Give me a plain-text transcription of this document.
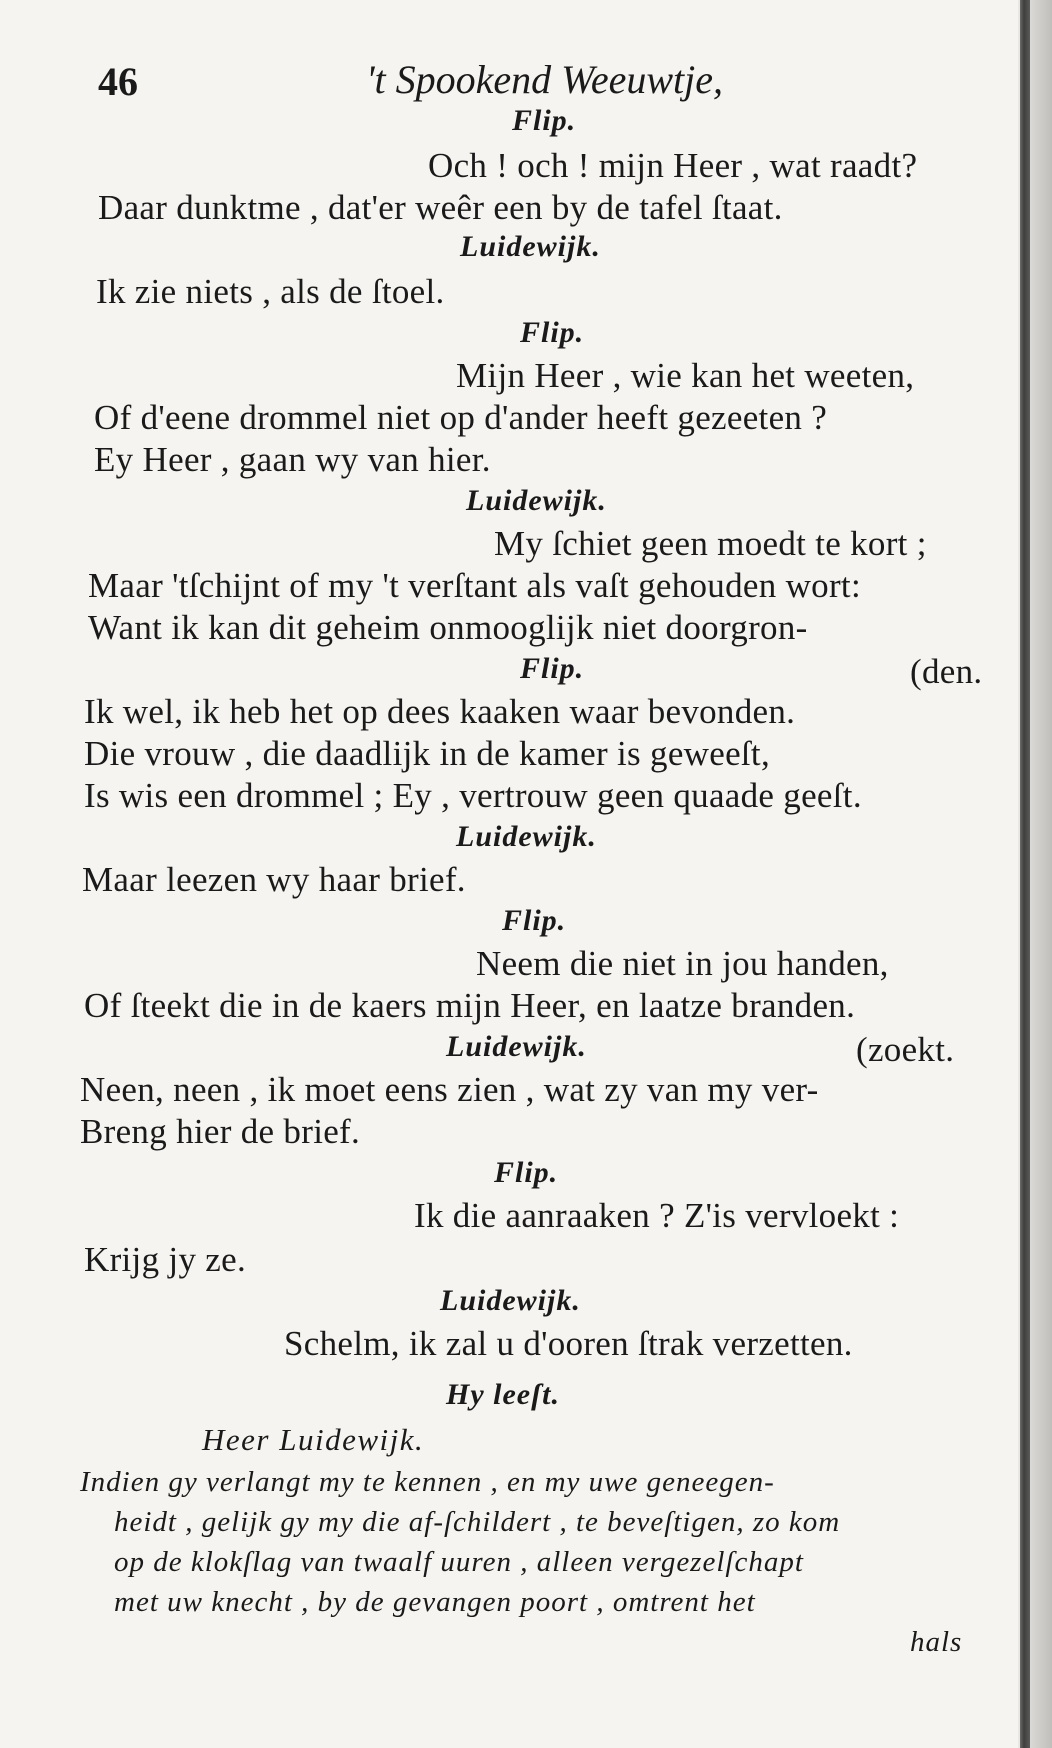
46	't Spookend Weeuwtje,
Flip.
Och ! och ! mijn Heer , wat raadt?
Daar dunktme , dat'er weêr een by de tafel ſtaat.
Luidewijk.
Ik zie niets , als de ſtoel.
Flip.
Mijn Heer , wie kan het weeten,
Of d'eene drommel niet op d'ander heeft gezeeten ?
Ey Heer , gaan wy van hier.
Luidewijk.
My ſchiet geen moedt te kort ;
Maar 'tſchijnt of my 't verſtant als vaſt gehouden wort:
Want ik kan dit geheim onmooglijk niet doorgron-
Flip.	(den.
Ik wel, ik heb het op dees kaaken waar bevonden.
Die vrouw , die daadlijk in de kamer is geweeſt,
Is wis een drommel ; Ey , vertrouw geen quaade geeſt.
Luidewijk.
Maar leezen wy haar brief.
Flip.
Neem die niet in jou handen,
Of ſteekt die in de kaers mijn Heer, en laatze branden.
Luidewijk.	(zoekt.
Neen, neen , ik moet eens zien , wat zy van my ver-
Breng hier de brief.
Flip.
Ik die aanraaken ? Z'is vervloekt :
Krijg jy ze.
Luidewijk.
Schelm, ik zal u d'ooren ſtrak verzetten.
Hy leeſt.
Heer Luidewijk.
Indien gy verlangt my te kennen , en my uwe geneegen-
heidt , gelijk gy my die af-ſchildert , te beveſtigen, zo kom
op de klokſlag van twaalf uuren , alleen vergezelſchapt
met uw knecht , by de gevangen poort , omtrent het
hals
